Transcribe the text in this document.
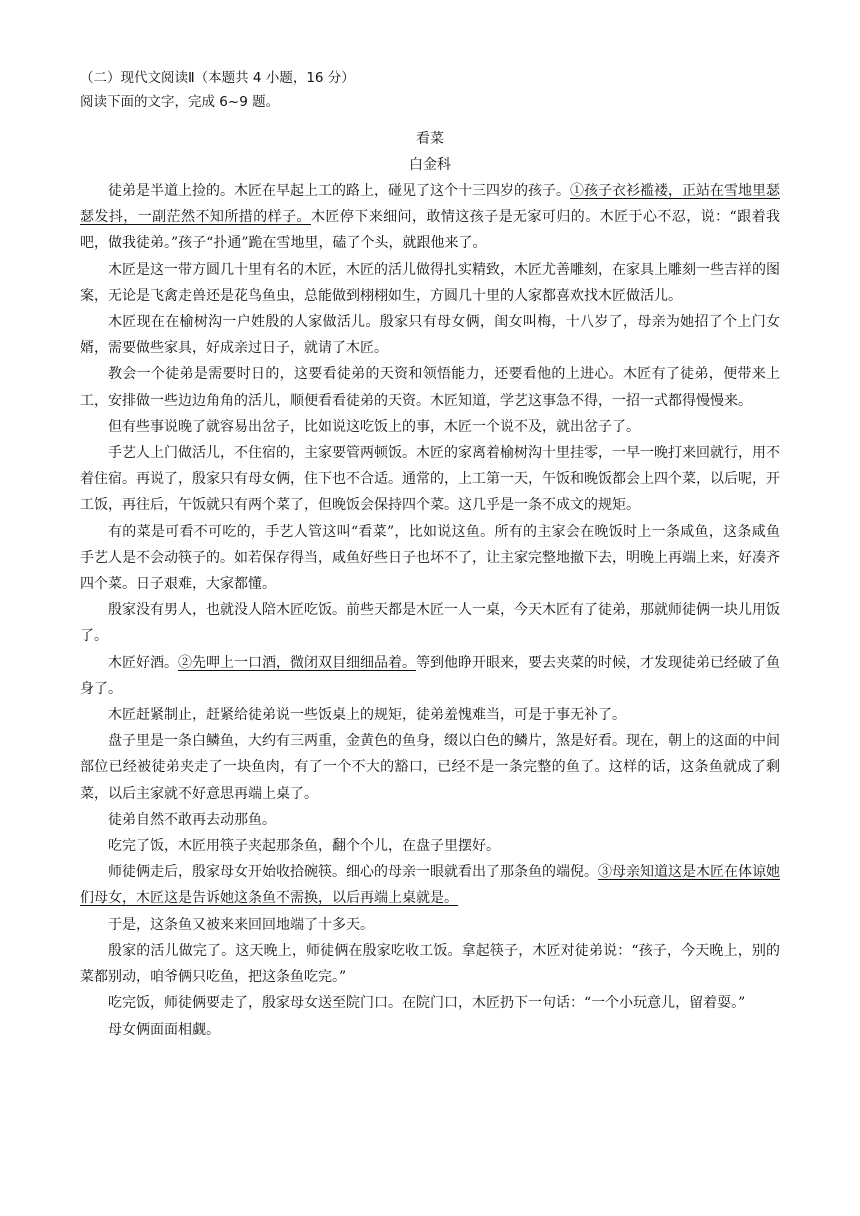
（二）现代文阅读Ⅱ（本题共 4 小题，16 分）
阅读下面的文字，完成 6~9 题。
看菜
白金科

徒弟是半道上捡的。木匠在早起上工的路上，碰见了这个十三四岁的孩子。①孩子衣衫褴褛，正站在雪地里瑟瑟发抖，一副茫然不知所措的样子。木匠停下来细问，敢情这孩子是无家可归的。木匠于心不忍，说：“跟着我吧，做我徒弟。”孩子“扑通”跪在雪地里，磕了个头，就跟他来了。

木匠是这一带方圆几十里有名的木匠，木匠的活儿做得扎实精致，木匠尤善雕刻，在家具上雕刻一些吉祥的图案，无论是飞禽走兽还是花鸟鱼虫，总能做到栩栩如生，方圆几十里的人家都喜欢找木匠做活儿。

木匠现在在榆树沟一户姓殷的人家做活儿。殷家只有母女俩，闺女叫梅，十八岁了，母亲为她招了个上门女婿，需要做些家具，好成亲过日子，就请了木匠。

教会一个徒弟是需要时日的，这要看徒弟的天资和领悟能力，还要看他的上进心。木匠有了徒弟，便带来上工，安排做一些边边角角的活儿，顺便看看徒弟的天资。木匠知道，学艺这事急不得，一招一式都得慢慢来。

但有些事说晚了就容易出岔子，比如说这吃饭上的事，木匠一个说不及，就出岔子了。

手艺人上门做活儿，不住宿的，主家要管两顿饭。木匠的家离着榆树沟十里挂零，一早一晚打来回就行，用不着住宿。再说了，殷家只有母女俩，住下也不合适。通常的，上工第一天，午饭和晚饭都会上四个菜，以后呢，开工饭，再往后，午饭就只有两个菜了，但晚饭会保持四个菜。这几乎是一条不成文的规矩。

有的菜是可看不可吃的，手艺人管这叫“看菜”，比如说这鱼。所有的主家会在晚饭时上一条咸鱼，这条咸鱼手艺人是不会动筷子的。如若保存得当，咸鱼好些日子也坏不了，让主家完整地撤下去，明晚上再端上来，好凑齐四个菜。日子艰难，大家都懂。

殷家没有男人，也就没人陪木匠吃饭。前些天都是木匠一人一桌，今天木匠有了徒弟，那就师徒俩一块儿用饭了。

木匠好酒。②先呷上一口酒，微闭双目细细品着。等到他睁开眼来，要去夹菜的时候，才发现徒弟已经破了鱼身了。

木匠赶紧制止，赶紧给徒弟说一些饭桌上的规矩，徒弟羞愧难当，可是于事无补了。

盘子里是一条白鳞鱼，大约有三两重，金黄色的鱼身，缀以白色的鳞片，煞是好看。现在，朝上的这面的中间部位已经被徒弟夹走了一块鱼肉，有了一个不大的豁口，已经不是一条完整的鱼了。这样的话，这条鱼就成了剩菜，以后主家就不好意思再端上桌了。

徒弟自然不敢再去动那鱼。

吃完了饭，木匠用筷子夹起那条鱼，翻个个儿，在盘子里摆好。

师徒俩走后，殷家母女开始收拾碗筷。细心的母亲一眼就看出了那条鱼的端倪。③母亲知道这是木匠在体谅她们母女，木匠这是告诉她这条鱼不需换，以后再端上桌就是。

于是，这条鱼又被来来回回地端了十多天。

殷家的活儿做完了。这天晚上，师徒俩在殷家吃收工饭。拿起筷子，木匠对徒弟说：“孩子，今天晚上，别的菜都别动，咱爷俩只吃鱼，把这条鱼吃完。”

吃完饭，师徒俩要走了，殷家母女送至院门口。在院门口，木匠扔下一句话：“一个小玩意儿，留着耍。”

母女俩面面相觑。
